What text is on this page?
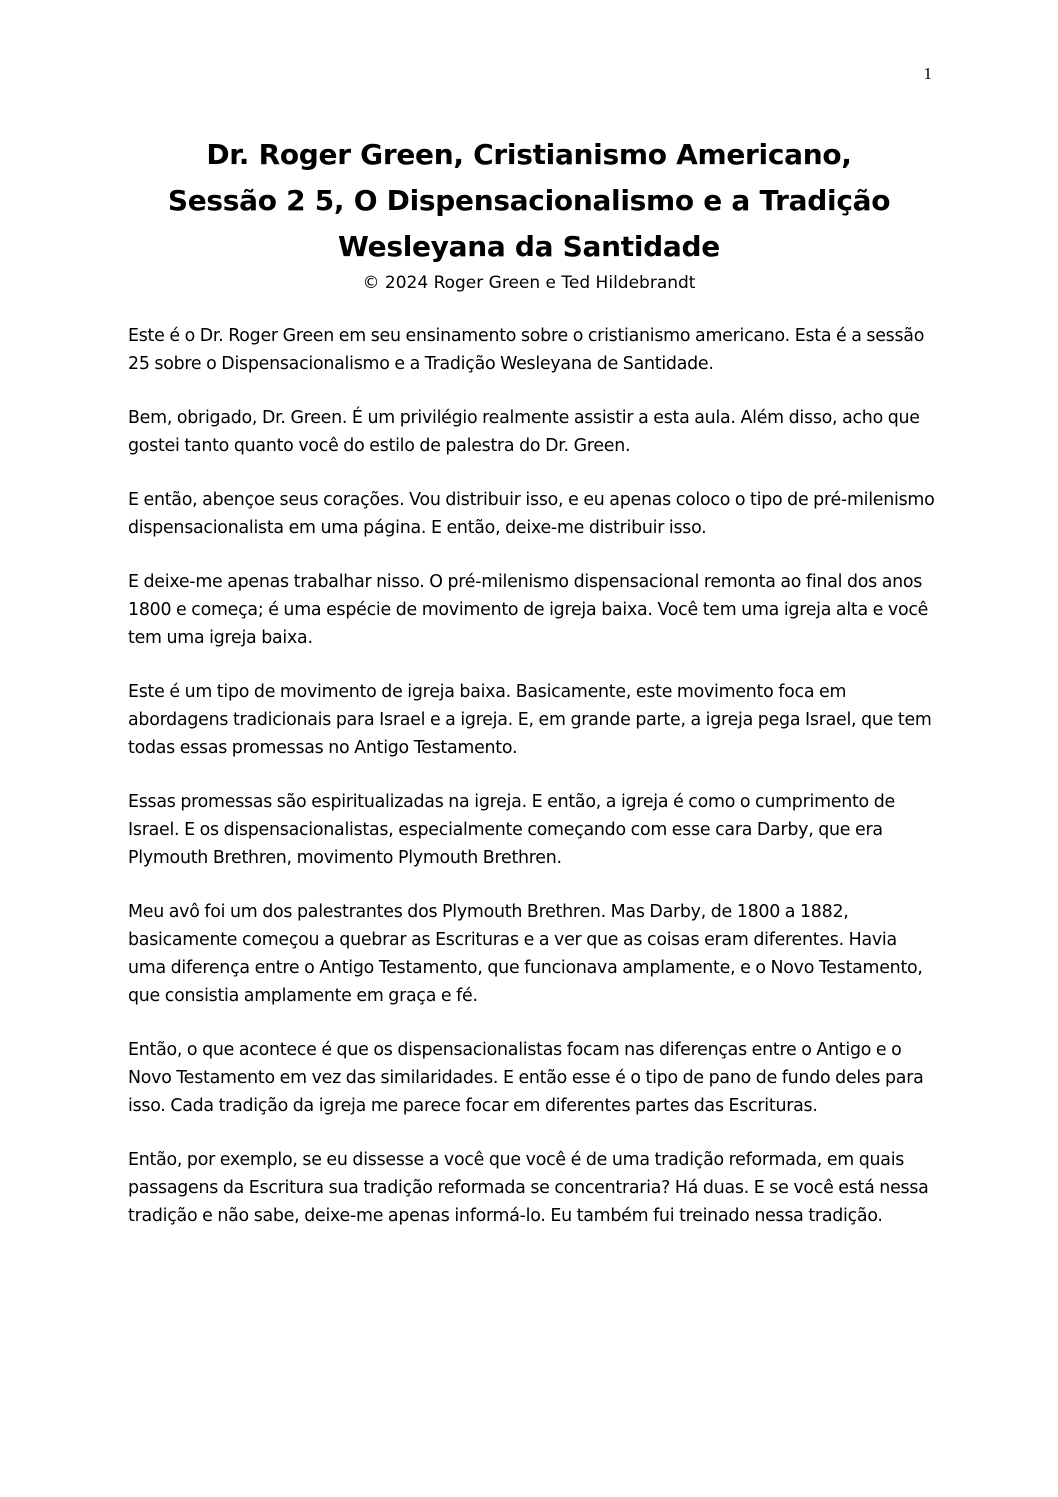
1
Dr. Roger Green, Cristianismo Americano,
Sessão 2 5, O Dispensacionalismo e a Tradição
Wesleyana da Santidade

© 2024 Roger Green e Ted Hildebrandt

Este é o Dr. Roger Green em seu ensinamento sobre o cristianismo americano. Esta é a sessão 25 sobre o Dispensacionalismo e a Tradição Wesleyana de Santidade.

Bem, obrigado, Dr. Green. É um privilégio realmente assistir a esta aula. Além disso, acho que gostei tanto quanto você do estilo de palestra do Dr. Green.

E então, abençoe seus corações. Vou distribuir isso, e eu apenas coloco o tipo de pré-milenismo dispensacionalista em uma página. E então, deixe-me distribuir isso.

E deixe-me apenas trabalhar nisso. O pré-milenismo dispensacional remonta ao final dos anos 1800 e começa; é uma espécie de movimento de igreja baixa. Você tem uma igreja alta e você tem uma igreja baixa.

Este é um tipo de movimento de igreja baixa. Basicamente, este movimento foca em abordagens tradicionais para Israel e a igreja. E, em grande parte, a igreja pega Israel, que tem todas essas promessas no Antigo Testamento.

Essas promessas são espiritualizadas na igreja. E então, a igreja é como o cumprimento de Israel. E os dispensacionalistas, especialmente começando com esse cara Darby, que era Plymouth Brethren, movimento Plymouth Brethren.

Meu avô foi um dos palestrantes dos Plymouth Brethren. Mas Darby, de 1800 a 1882, basicamente começou a quebrar as Escrituras e a ver que as coisas eram diferentes. Havia uma diferença entre o Antigo Testamento, que funcionava amplamente, e o Novo Testamento, que consistia amplamente em graça e fé.

Então, o que acontece é que os dispensacionalistas focam nas diferenças entre o Antigo e o Novo Testamento em vez das similaridades. E então esse é o tipo de pano de fundo deles para isso. Cada tradição da igreja me parece focar em diferentes partes das Escrituras.

Então, por exemplo, se eu dissesse a você que você é de uma tradição reformada, em quais passagens da Escritura sua tradição reformada se concentraria? Há duas. E se você está nessa tradição e não sabe, deixe-me apenas informá-lo. Eu também fui treinado nessa tradição.
